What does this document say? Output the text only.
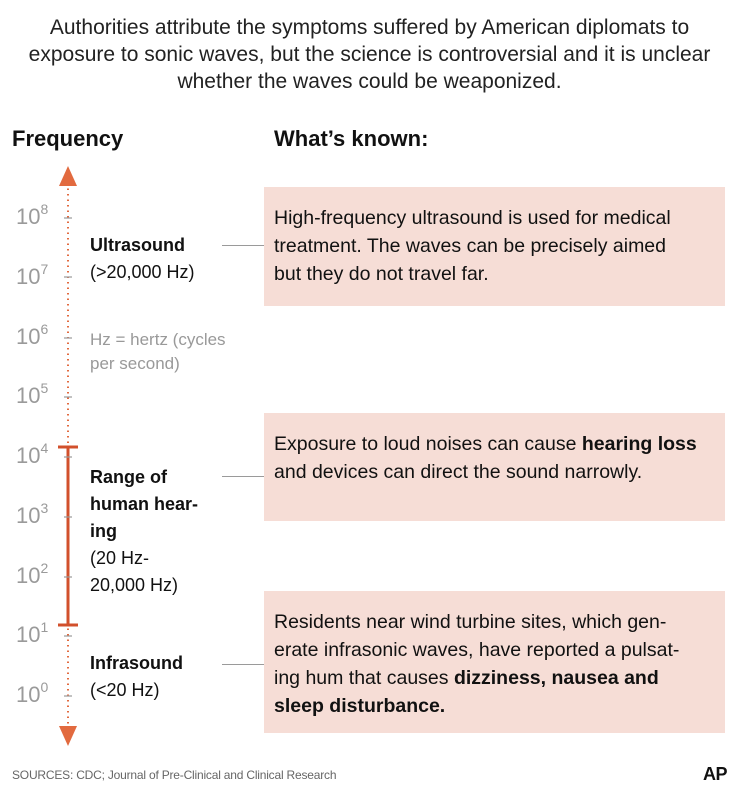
Authorities attribute the symptoms suffered by American diplomats to exposure to sonic waves, but the science is controversial and it is unclear whether the waves could be weaponized.
Frequency	What’s known:
$10^8$
$10^7$
$10^6$
$10^5$
$10^4$
$10^3$
$10^2$
$10^1$
$10^0$
Ultrasound
(>20,000 Hz)
Hz = hertz (cycles
per second)
Range of
human hear-
ing
(20 Hz-
20,000 Hz)
Infrasound
(<20 Hz)
High-frequency ultrasound is used for medical
treatment. The waves can be precisely aimed
but they do not travel far.
Exposure to loud noises can cause hearing loss
and devices can direct the sound narrowly.
Residents near wind turbine sites, which gen-
erate infrasonic waves, have reported a pulsat-
ing hum that causes dizziness, nausea and
sleep disturbance.
SOURCES: CDC; Journal of Pre-Clinical and Clinical Research	AP
